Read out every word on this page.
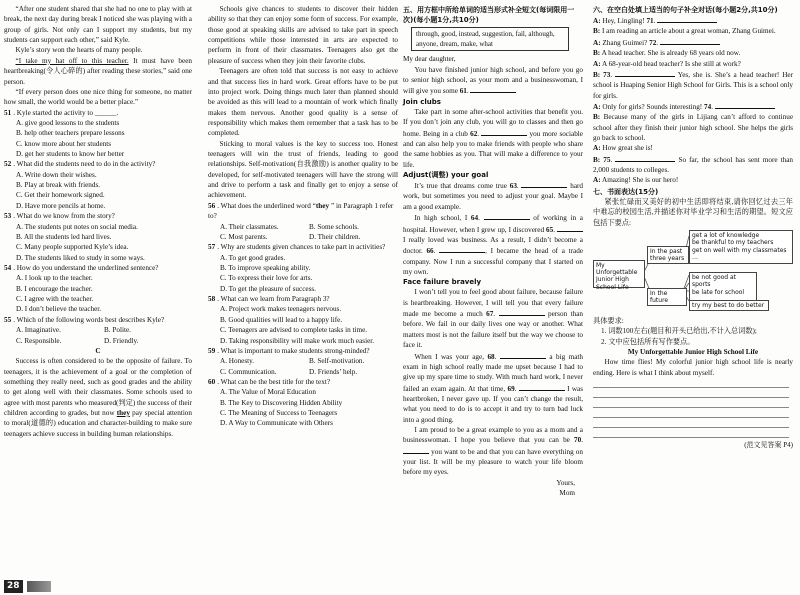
“After one student shared that she had no one to play with at break, the next day during break I noticed she was playing with a group of girls. Not only can I support my students, but my students can support each other,” said Kyle.

Kyle’s story won the hearts of many people.

“I take my hat off to this teacher. It must have been heartbreaking(令人心碎的) after reading these stories,” said one person.

“If every person does one nice thing for someone, no matter how small, the world would be a better place.”

51 . Kyle started the activity to ______.
A. give good lessons to the students
B. help other teachers prepare lessons
C. know more about her students
D. get her students to know her better
52 . What did the students need to do in the activity?
A. Write down their wishes.
B. Play at break with friends.
C. Get their homework signed.
D. Have more pencils at home.
53 . What do we know from the story?
A. The students put notes on social media.
B. All the students led hard lives.
C. Many people supported Kyle’s idea.
D. The students liked to study in some ways.
54 . How do you understand the underlined sentence?
A. I look up to the teacher.
B. I encourage the teacher.
C. I agree with the teacher.
D. I don’t believe the teacher.
55 . Which of the following words best describes Kyle?
A. Imaginative.	B. Polite.
C. Responsible.	D. Friendly.
C

Success is often considered to be the opposite of failure. To teenagers, it is the achievement of a goal or the completion of something they really need, such as good grades and the ability to get along well with their classmates. Some schools used to agree with most parents who measured(判定) the success of their children according to grades, but now they pay special attention to moral(道德的) education and character-building to make sure teenagers achieve success in building human relationships.

Schools give chances to students to discover their hidden ability so that they can enjoy some form of success. For example, those good at speaking skills are advised to take part in speech competitions while those interested in arts are expected to perform in front of their classmates. Teenagers also get the pleasure of success when they join their favorite clubs.

Teenagers are often told that success is not easy to achieve and that success lies in hard work. Great efforts have to be put into project work. Doing things much later than planned should be avoided as this will lead to a mountain of work which finally makes them nervous. Another good quality is a sense of responsibility which makes them remember that a task has to be completed.

Sticking to moral values is the key to success too. Honest teenagers will win the trust of friends, leading to good relationships. Self-motivation(自我激励) is another quality to be developed, for self-motivated teenagers will have the strong will and drive to perform a task and finally get to enjoy a sense of achievement.

56 . What does the underlined word “they ” in Paragraph 1 refer to?
A. Their classmates.	B. Some schools.
C. Most parents.	D. Their children.
57 . Why are students given chances to take part in activities?
A. To get good grades.
B. To improve speaking ability.
C. To express their love for arts.
D. To get the pleasure of success.
58 . What can we learn from Paragraph 3?
A. Project work makes teenagers nervous.
B. Good qualities will lead to a happy life.
C. Teenagers are advised to complete tasks in time.
D. Taking responsibility will make work much easier.
59 . What is important to make students strong-minded?
A. Honesty.	B. Self-motivation.
C. Communication.	D. Friends’ help.
60 . What can be the best title for the text?
A. The Value of Moral Education
B. The Key to Discovering Hidden Ability
C. The Meaning of Success to Teenagers
D. A Way to Communicate with Others
五、用方框中所给单词的适当形式补全短文(每词限用一次)(每小题1分,共10分)
through, good, instead, suggestion, fail, although, anyone, dream, make, what

My dear daughter,

You have finished junior high school, and before you go to senior high school, as your mom and a businesswoman, I will give you some 61.

Join clubs

Take part in some after-school activities that benefit you. If you don’t join any club, you will go to classes and then go home. Being in a club 62.	you more sociable and can also help you to make friends with people who share the same hobbies as you. That will make a difference to your life.

Adjust(调整) your goal

It’s true that dreams come true 63.	hard work, but sometimes you need to adjust your goal. Maybe I am a good example.

In high school, I 64.	of working in a hospital. However, when I grew up, I discovered 65.  I really loved was business. As a result, I didn’t become a doctor. 66.	, I became the head of a trade company. Now I run a successful company that I started on my own.

Face failure bravely

I won’t tell you to feel good about failure, because failure is heartbreaking. However, I will tell you that every failure made me become a much 67.	person than before. We fail in our daily lives one way or another. What matters most is not the failure itself but the way we choose to face it.

When I was your age, 68.	a big math exam in high school really made me upset because I had to give up my spare time to study. With much hard work, I never failed an exam again. At that time, 69.	I was heartbroken, I never gave up. If you can’t change the result, what you need to do is to accept it and try to turn bad luck into a good thing.

I am proud to be a great example to you as a mom and a businesswoman. I hope you believe that you can be 70.  you want to be and that you can have everything on your list. It will be my pleasure to watch your life bloom before my eyes.

Yours,

Mom

六、在空白处填上适当的句子补全对话(每小题2分,共10分)

A: Hey, Lingling! 71.

B: I am reading an article about a great woman, Zhang Guimei.

A: Zhang Guimei? 72.

B: A head teacher. She is already 68 years old now.

A: A 68-year-old head teacher? Is she still at work?

B: 73.	Yes, she is. She’s a head teacher! Her school is Huaping Senior High School for Girls. This is a school only for girls.

A: Only for girls? Sounds interesting! 74.

B: Because many of the girls in Lijiang can’t afford to continue school after they finish their junior high school. She helps the girls go back to school.

A: How great she is!

B: 75.	So far, the school has sent more than 2,000 students to colleges.

A: Amazing! She is our hero!

七、书面表达(15分)

紧张忙碌而又美好的初中生活即将结束,请你回忆过去三年中难忘的校园生活,并描述你对毕业学习和生活的期望。短文应包括下要点:

My Unforgettable Junior High School Life
In the past three years
In the future
get a lot of knowledge
be thankful to my teachers
get on well with my classmates
…
be not good at sports
be late for school
try my best to do better

具体要求:

1. 词数100左右(题目和开头已给出,不计入总词数);

2. 文中应包括所有写作要点。

My Unforgettable Junior High School Life

How time flies! My colorful junior high school life is nearly ending. Here is what I think about myself.

(范文见答案 P4)
28
